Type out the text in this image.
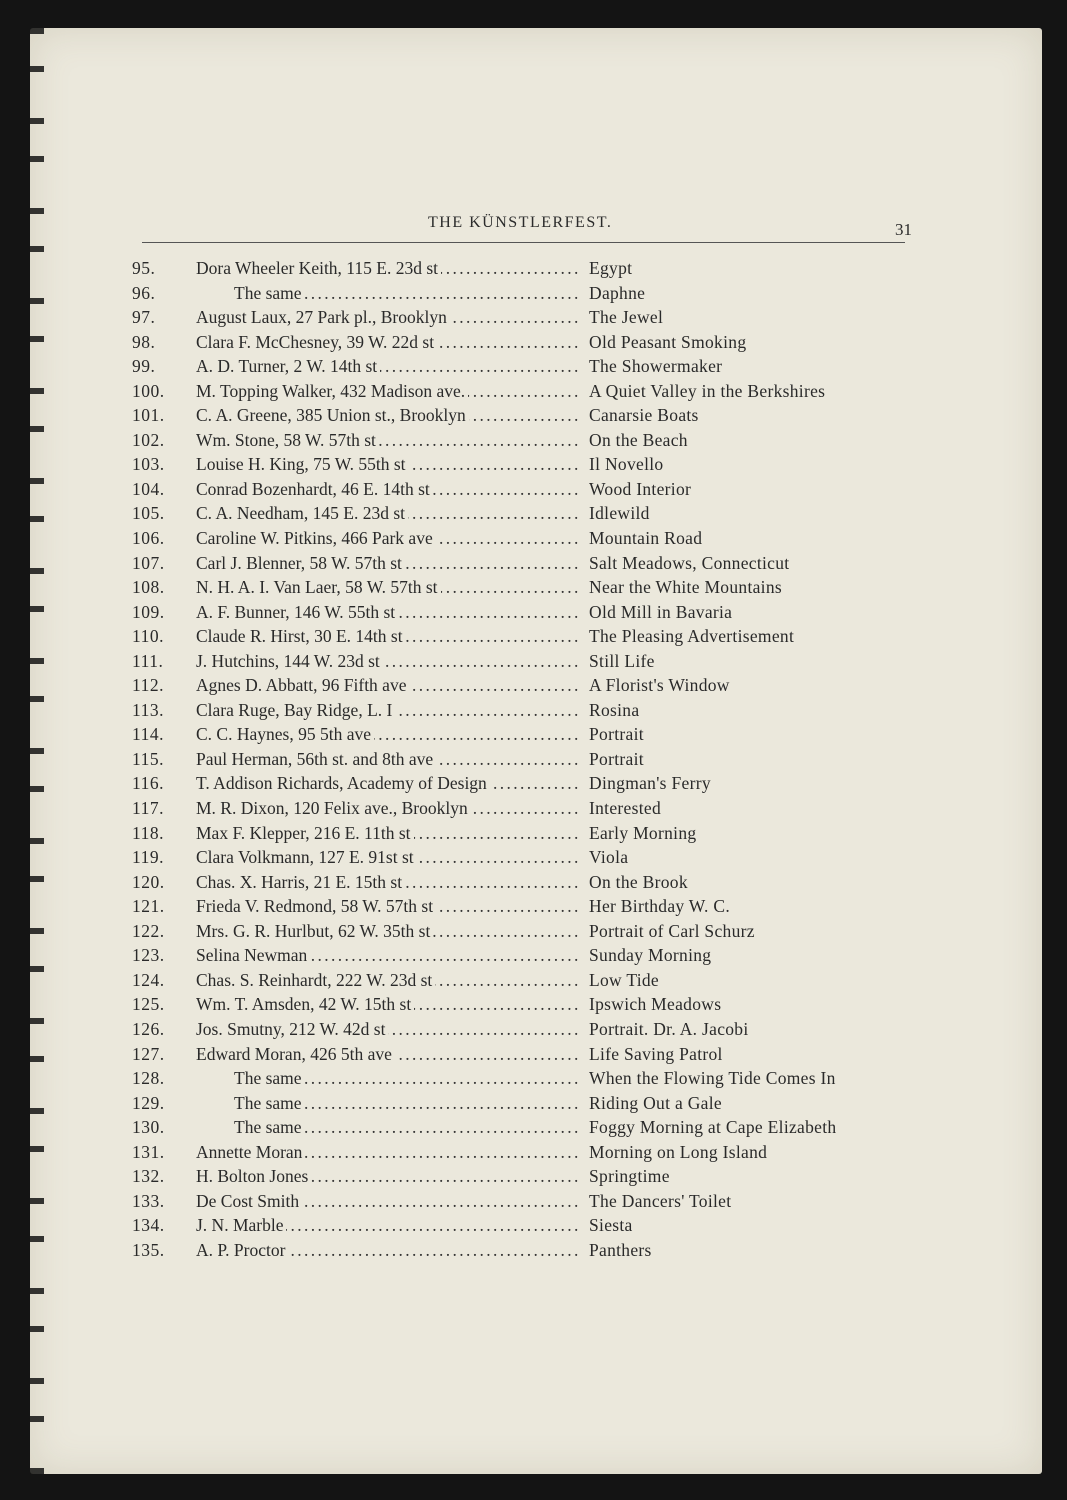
THE KÜNSTLERFEST.	31
95.	Dora Wheeler Keith, 115 E. 23d st . . .	Egypt
96.	The same . . .	Daphne
97.	August Laux, 27 Park pl., Brooklyn . . .	The Jewel
98.	Clara F. McChesney, 39 W. 22d st . . .	Old Peasant Smoking
99.	A. D. Turner, 2 W. 14th st . . .	The Showermaker
100.	M. Topping Walker, 432 Madison ave. . . .	A Quiet Valley in the Berkshires
101.	C. A. Greene, 385 Union st., Brooklyn . . .	Canarsie Boats
102.	Wm. Stone, 58 W. 57th st . . .	On the Beach
103.	Louise H. King, 75 W. 55th st . . .	Il Novello
104.	Conrad Bozenhardt, 46 E. 14th st . . .	Wood Interior
105.	C. A. Needham, 145 E. 23d st . . .	Idlewild
106.	Caroline W. Pitkins, 466 Park ave . . .	Mountain Road
107.	Carl J. Blenner, 58 W. 57th st . . .	Salt Meadows, Connecticut
108.	N. H. A. I. Van Laer, 58 W. 57th st . . .	Near the White Mountains
109.	A. F. Bunner, 146 W. 55th st . . .	Old Mill in Bavaria
110.	Claude R. Hirst, 30 E. 14th st . . .	The Pleasing Advertisement
111.	J. Hutchins, 144 W. 23d st . . .	Still Life
112.	Agnes D. Abbatt, 96 Fifth ave . . .	A Florist's Window
113.	Clara Ruge, Bay Ridge, L. I . . .	Rosina
114.	C. C. Haynes, 95 5th ave . . .	Portrait
115.	Paul Herman, 56th st. and 8th ave . . .	Portrait
116.	T. Addison Richards, Academy of Design . . .	Dingman's Ferry
117.	M. R. Dixon, 120 Felix ave., Brooklyn . . .	Interested
118.	Max F. Klepper, 216 E. 11th st . . .	Early Morning
119.	Clara Volkmann, 127 E. 91st st . . .	Viola
120.	Chas. X. Harris, 21 E. 15th st . . .	On the Brook
121.	Frieda V. Redmond, 58 W. 57th st . . .	Her Birthday W. C.
122.	Mrs. G. R. Hurlbut, 62 W. 35th st . . .	Portrait of Carl Schurz
123.	Selina Newman . . .	Sunday Morning
124.	Chas. S. Reinhardt, 222 W. 23d st . . .	Low Tide
125.	Wm. T. Amsden, 42 W. 15th st . . .	Ipswich Meadows
126.	Jos. Smutny, 212 W. 42d st . . .	Portrait. Dr. A. Jacobi
127.	Edward Moran, 426 5th ave . . .	Life Saving Patrol
128.	The same . . .	When the Flowing Tide Comes In
129.	The same . . .	Riding Out a Gale
130.	The same . . .	Foggy Morning at Cape Elizabeth
131.	Annette Moran . . .	Morning on Long Island
132.	H. Bolton Jones . . .	Springtime
133.	De Cost Smith . . .	The Dancers' Toilet
134.	J. N. Marble . . .	Siesta
135.	A. P. Proctor . . .	Panthers
